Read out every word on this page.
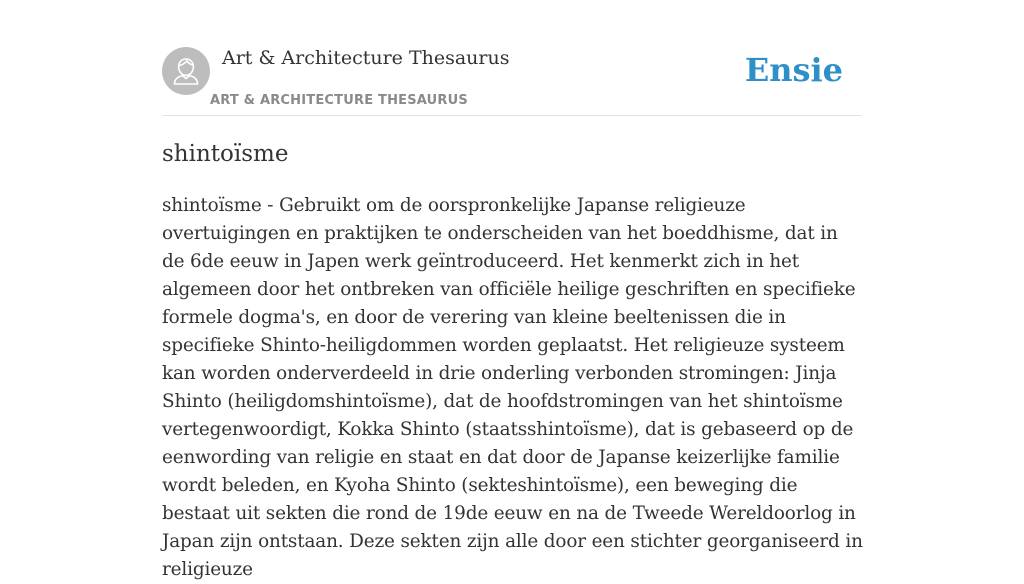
Art & Architecture Thesaurus
ART & ARCHITECTURE THESAURUS
Ensie
shintoïsme

shintoïsme - Gebruikt om de oorspronkelijke Japanse religieuze overtuigingen en praktijken te onderscheiden van het boeddhisme, dat in de 6de eeuw in Japen werk geïntroduceerd. Het kenmerkt zich in het algemeen door het ontbreken van officiële heilige geschriften en specifieke formele dogma's, en door de verering van kleine beeltenissen die in specifieke Shinto-heiligdommen worden geplaatst. Het religieuze systeem kan worden onderverdeeld in drie onderling verbonden stromingen: Jinja Shinto (heiligdomshintoïsme), dat de hoofdstromingen van het shintoïsme vertegenwoordigt, Kokka Shinto (staatsshintoïsme), dat is gebaseerd op de eenwording van religie en staat en dat door de Japanse keizerlijke familie wordt beleden, en Kyoha Shinto (sekteshintoïsme), een beweging die bestaat uit sekten die rond de 19de eeuw en na de Tweede Wereldoorlog in Japan zijn ontstaan. Deze sekten zijn alle door een stichter georganiseerd in religieuze
